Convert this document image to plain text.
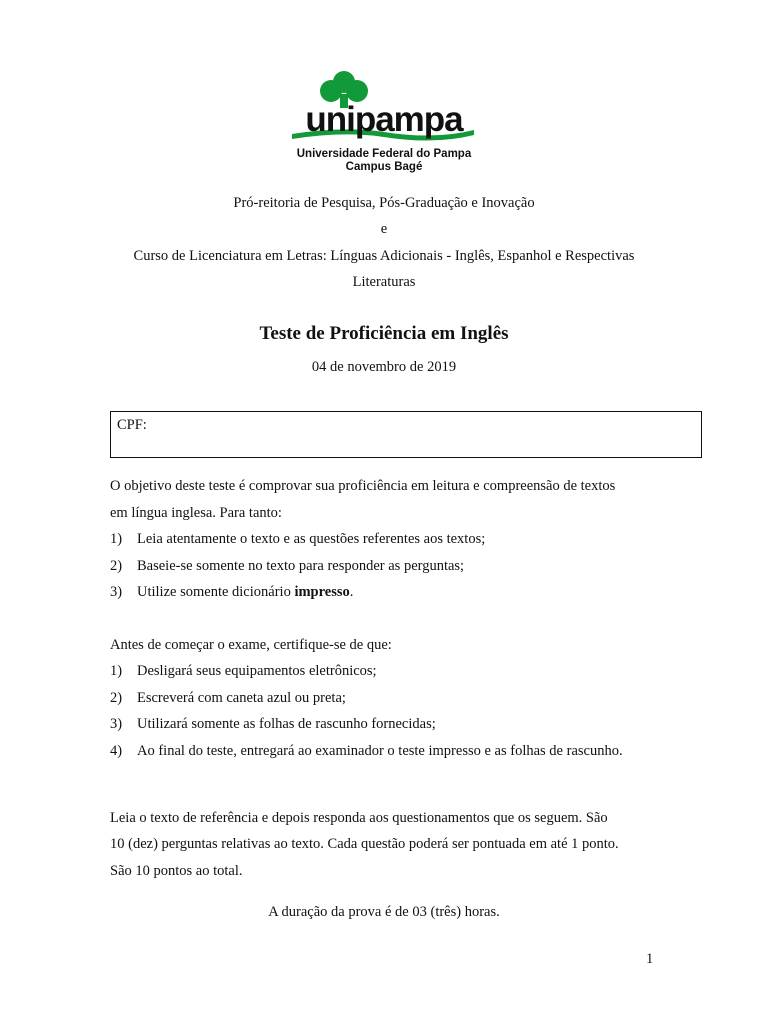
unipampa
Universidade Federal do Pampa
Campus Bagé
Pró-reitoria de Pesquisa, Pós-Graduação e Inovação
e
Curso de Licenciatura em Letras: Línguas Adicionais - Inglês, Espanhol e Respectivas
Literaturas
Teste de Proficiência em Inglês
04 de novembro de 2019
CPF:
O objetivo deste teste é comprovar sua proficiência em leitura e compreensão de textos
em língua inglesa. Para tanto:
1) Leia atentamente o texto e as questões referentes aos textos;
2) Baseie-se somente no texto para responder as perguntas;
3) Utilize somente dicionário impresso.
Antes de começar o exame, certifique-se de que:
1) Desligará seus equipamentos eletrônicos;
2) Escreverá com caneta azul ou preta;
3) Utilizará somente as folhas de rascunho fornecidas;
4) Ao final do teste, entregará ao examinador o teste impresso e as folhas de rascunho.
Leia o texto de referência e depois responda aos questionamentos que os seguem. São
10 (dez) perguntas relativas ao texto. Cada questão poderá ser pontuada em até 1 ponto.
São 10 pontos ao total.
A duração da prova é de 03 (três) horas.
1
